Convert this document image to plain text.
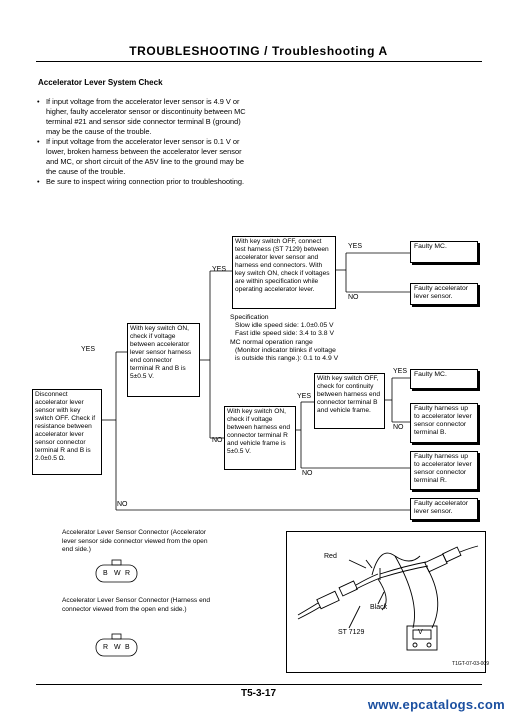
TROUBLESHOOTING / Troubleshooting A
Accelerator Lever System Check
• If input voltage from the accelerator lever sensor is 4.9 V or higher, faulty accelerator sensor or discontinuity between MC terminal #21 and sensor side connector terminal B (ground) may be the cause of the trouble.
• If input voltage from the accelerator lever sensor is 0.1 V or lower, broken harness between the accelerator lever sensor and MC, or short circuit of the A5V line to the ground may be the cause of the trouble.
• Be sure to inspect wiring connection prior to troubleshooting.
Disconnect accelerator lever sensor with key switch OFF. Check if resistance between accelerator lever sensor connector terminal R and B is 2.0±0.5 Ω.
With key switch ON, check if voltage between accelerator lever sensor harness end connector terminal R and B is 5±0.5 V.
With key switch OFF, connect test harness (ST 7129) between accelerator lever sensor and harness end connectors. With key switch ON, check if voltages are within specification while operating accelerator lever.
Specification
Slow idle speed side: 1.0±0.05 V
Fast idle speed side: 3.4 to 3.8 V
MC normal operation range
(Monitor indicator blinks if voltage
is outside this range.): 0.1 to 4.9 V
With key switch ON, check if voltage between harness end connector terminal R and vehicle frame is 5±0.5 V.
With key switch OFF, check for continuity between harness end connector terminal B and vehicle frame.
Faulty MC.
Faulty accelerator lever sensor.
Faulty MC.
Faulty harness up to accelerator lever sensor connector terminal B.
Faulty harness up to accelerator lever sensor connector terminal R.
Faulty accelerator lever sensor.
YES
NO
YES
NO
YES
NO
YES
NO
YES
NO
Accelerator Lever Sensor Connector (Accelerator lever sensor side connector viewed from the open end side.)
Accelerator Lever Sensor Connector (Harness end connector viewed from the open end side.)
B W R
R W B
Red
Black
ST 7129	V
T1GT-07-03-009
T5-3-17
www.epcatalogs.com
